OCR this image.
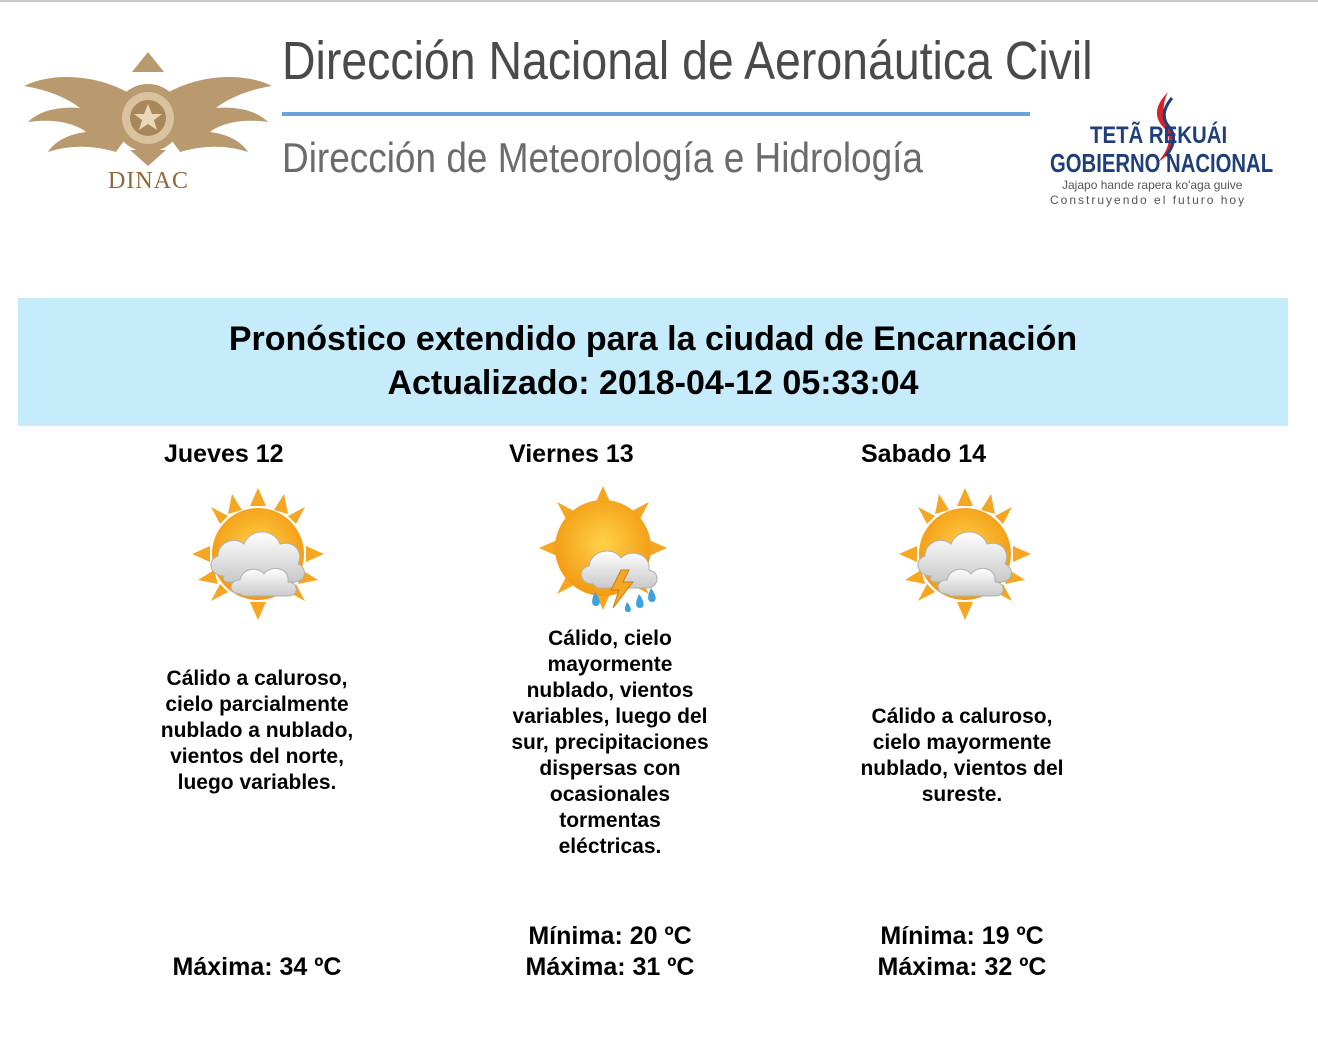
DINAC
Dirección Nacional de Aeronáutica Civil
Dirección de Meteorología e Hidrología	TETÃ REKUÁI
GOBIERNO NACIONAL
Jajapo hande rapera ko'aga guive
Construyendo el futuro hoy
Pronóstico extendido para la ciudad de Encarnación
Actualizado: 2018-04-12 05:33:04
Jueves 12
Cálido a caluroso, cielo parcialmente nublado a nublado, vientos del norte, luego variables.
Máxima: 34 ºC
Viernes 13
Cálido, cielo mayormente nublado, vientos variables, luego del sur, precipitaciones dispersas con ocasionales tormentas eléctricas.
Mínima: 20 ºC
Máxima: 31 ºC
Sabado 14
Cálido a caluroso, cielo mayormente nublado, vientos del sureste.
Mínima: 19 ºC
Máxima: 32 ºC
